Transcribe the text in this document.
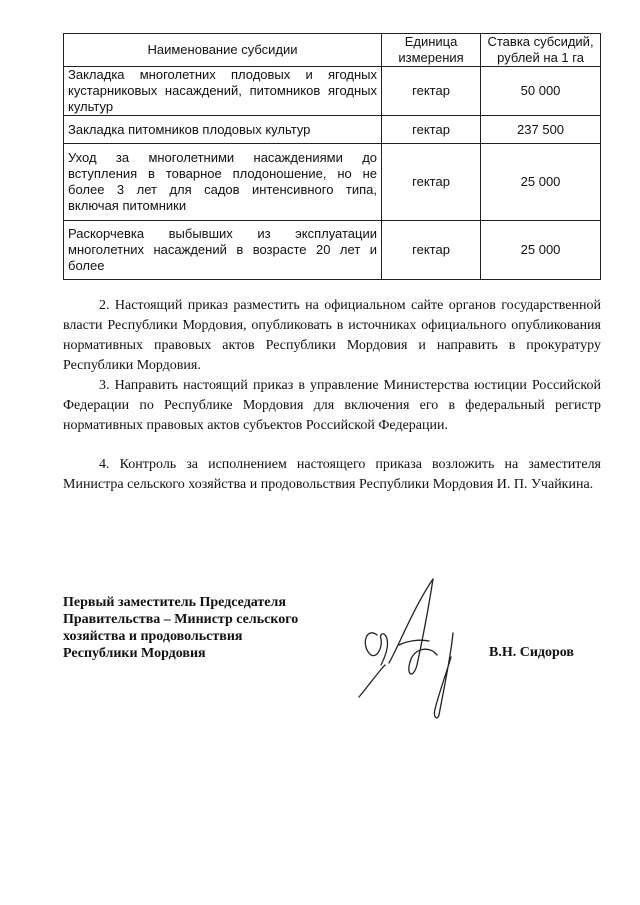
Наименование субсидии	Единица измерения	Ставка субсидий, рублей на 1 га
Закладка многолетних плодовых и ягодных кустарниковых насаждений, питомников ягодных культур	гектар	50 000
Закладка питомников плодовых культур	гектар	237 500
Уход за многолетними насаждениями до вступления в товарное плодоношение, но не более 3 лет для садов интенсивного типа, включая питомники	гектар	25 000
Раскорчевка выбывших из эксплуатации многолетних насаждений в возрасте 20 лет и более	гектар	25 000

2. Настоящий приказ разместить на официальном сайте органов государственной власти Республики Мордовия, опубликовать в источниках официального опубликования нормативных правовых актов Республики Мордовия и направить в прокуратуру Республики Мордовия.

3. Направить настоящий приказ в управление Министерства юстиции Российской Федерации по Республике Мордовия для включения его в федеральный регистр нормативных правовых актов субъектов Российской Федерации.

4. Контроль за исполнением настоящего приказа возложить на заместителя Министра сельского хозяйства и продовольствия Республики Мордовия И. П. Учайкина.

Первый заместитель Председателя
Правительства – Министр сельского
хозяйства и продовольствия
Республики Мордовия	В.Н. Сидоров
